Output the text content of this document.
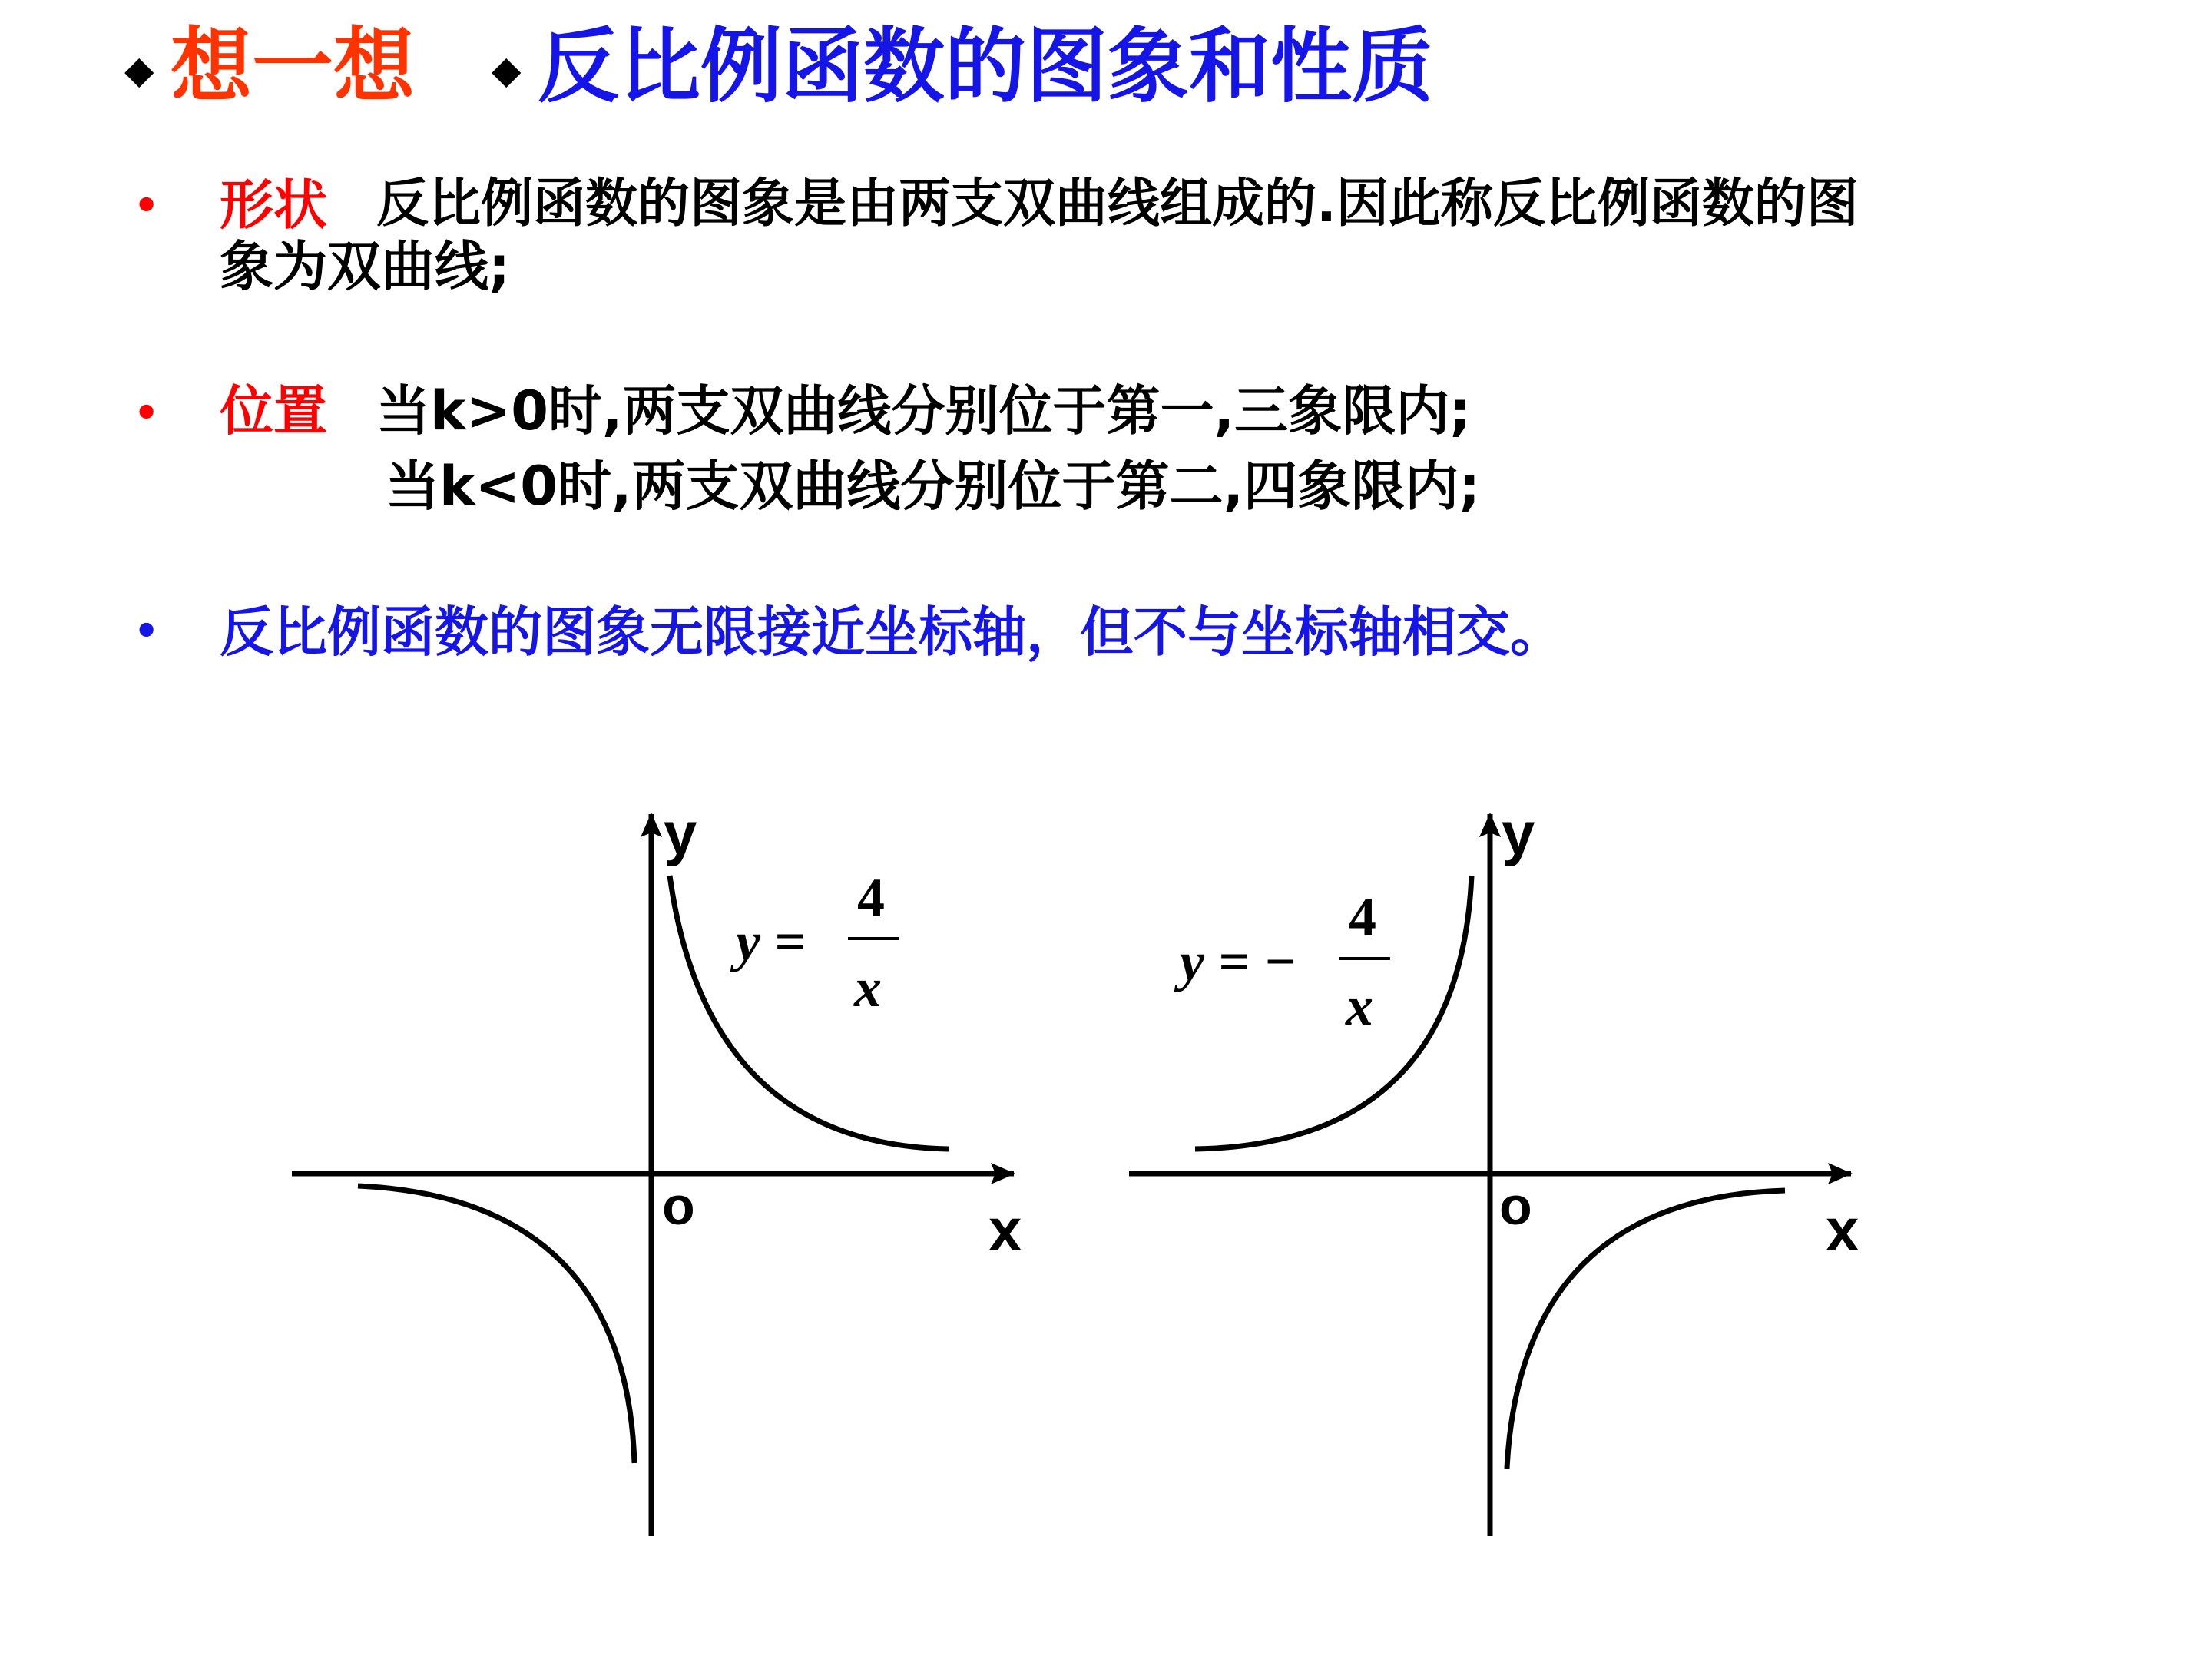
◆ 想一想 ◆ 反比例函数的图象和性质
• 形状 反比例函数的图象是由两支双曲线组成的.因此称反比例函数的图
象为双曲线;
• 位置 当k>0时,两支双曲线分别位于第一,三象限内;
当k<0时,两支双曲线分别位于第二,四象限内;
• 反比例函数的图象无限接近坐标轴，但不与坐标轴相交。
y
x
o
y =
4
x
y
x
o
y = −
4
x
